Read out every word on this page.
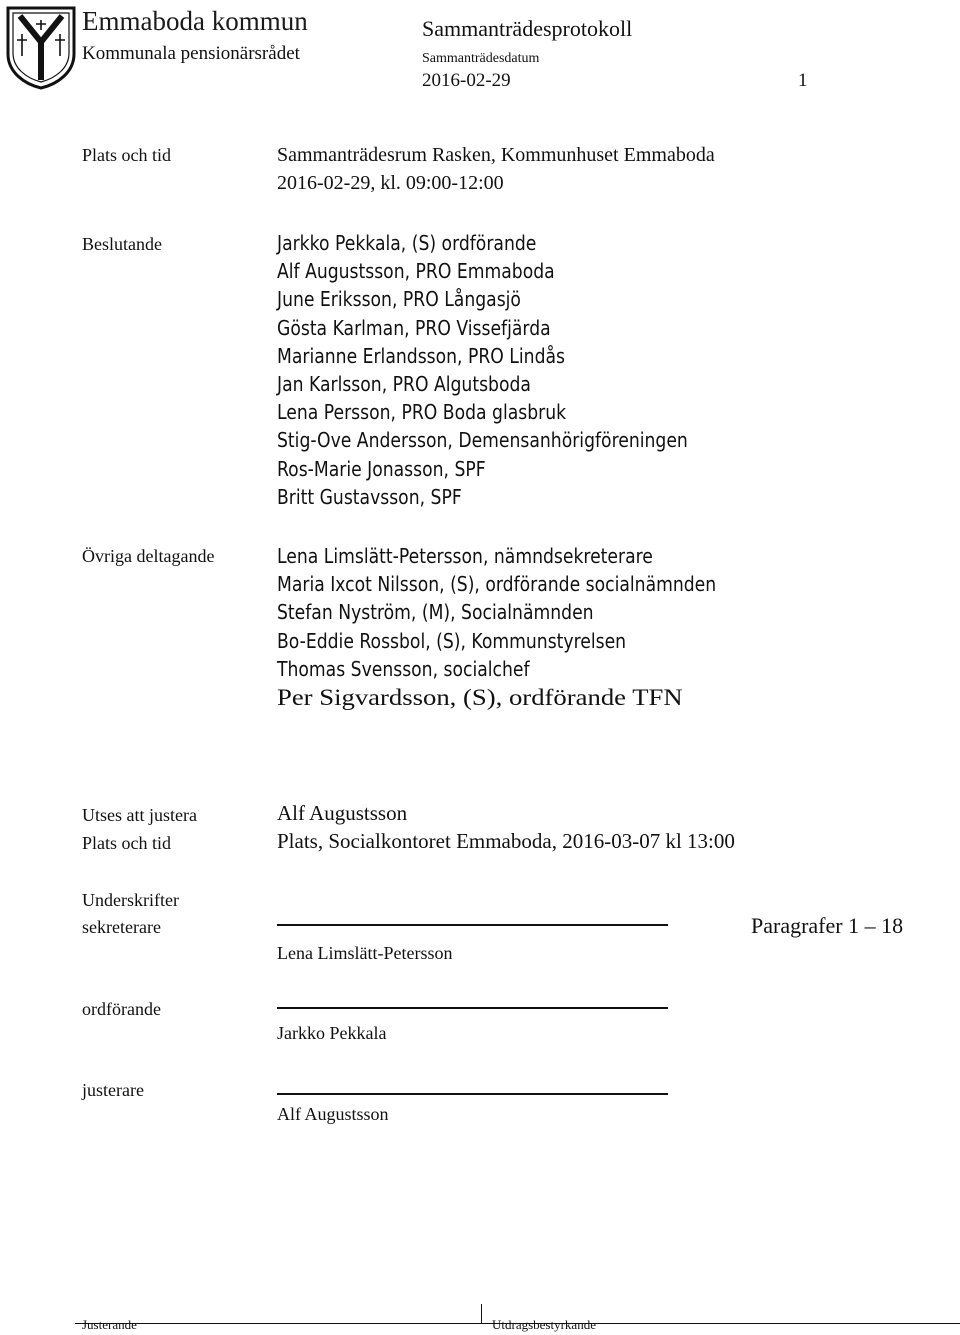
Emmaboda kommun
Kommunala pensionärsrådet
Sammanträdesprotokoll
Sammanträdesdatum
2016-02-29	1
Plats och tid	Sammanträdesrum Rasken, Kommunhuset Emmaboda
2016-02-29, kl. 09:00-12:00
Beslutande	Jarkko Pekkala, (S) ordförande
Alf Augustsson, PRO Emmaboda
June Eriksson, PRO Långasjö
Gösta Karlman, PRO Vissefjärda
Marianne Erlandsson, PRO Lindås
Jan Karlsson, PRO Algutsboda
Lena Persson, PRO Boda glasbruk
Stig-Ove Andersson, Demensanhörigföreningen
Ros-Marie Jonasson, SPF
Britt Gustavsson, SPF
Övriga deltagande	Lena Limslätt-Petersson, nämndsekreterare
Maria Ixcot Nilsson, (S), ordförande socialnämnden
Stefan Nyström, (M), Socialnämnden
Bo-Eddie Rossbol, (S), Kommunstyrelsen
Thomas Svensson, socialchef
Per Sigvardsson, (S), ordförande TFN
Utses att justera	Alf Augustsson
Plats och tid	Plats, Socialkontoret Emmaboda, 2016-03-07 kl 13:00
Underskrifter
sekreterare	Paragrafer 1 – 18
Lena Limslätt-Petersson
ordförande
Jarkko Pekkala
justerare
Alf Augustsson
Justerande	Utdragsbestyrkande
